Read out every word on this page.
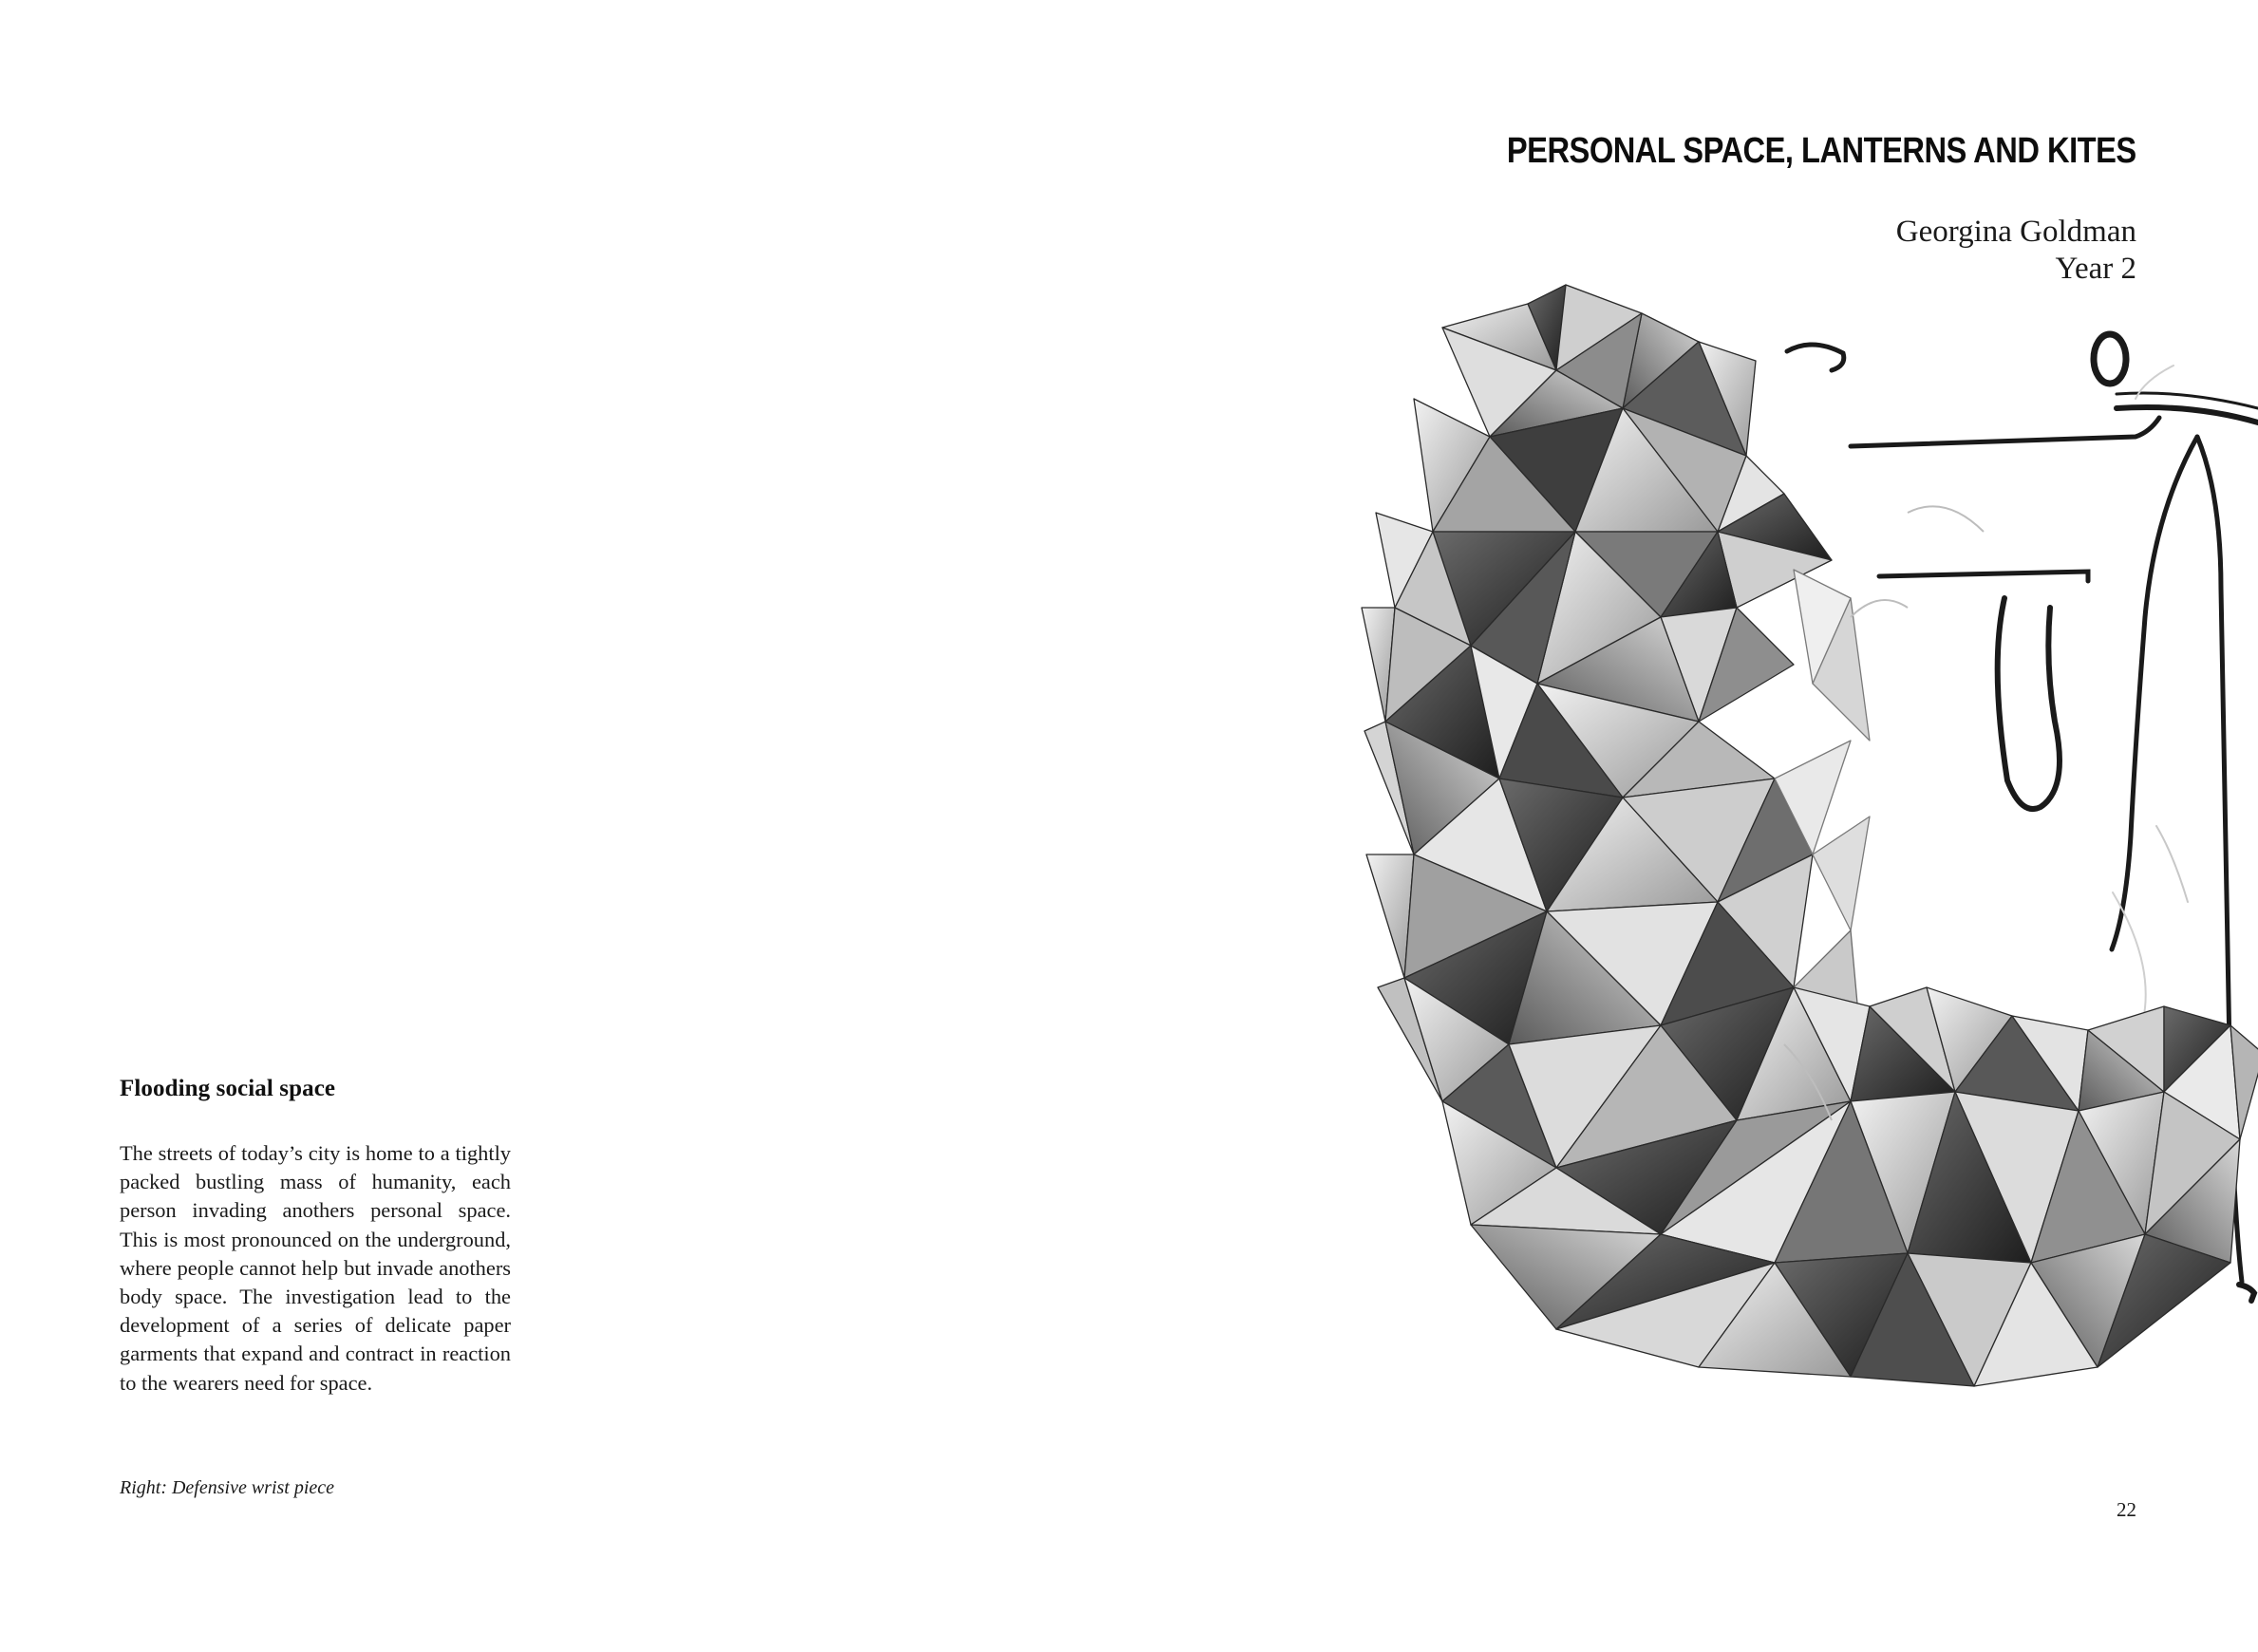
Flooding social space

The streets of today’s city is home to a tightly packed bustling mass of humanity, each person invading anothers personal space. This is most pronounced on the underground, where people cannot help but invade anothers body space. The investigation lead to the development of a series of delicate paper garments that expand and contract in reaction to the wearers need for space.

Right: Defensive wrist piece

PERSONAL SPACE, LANTERNS AND KITES
Georgina Goldman
Year 2
22
